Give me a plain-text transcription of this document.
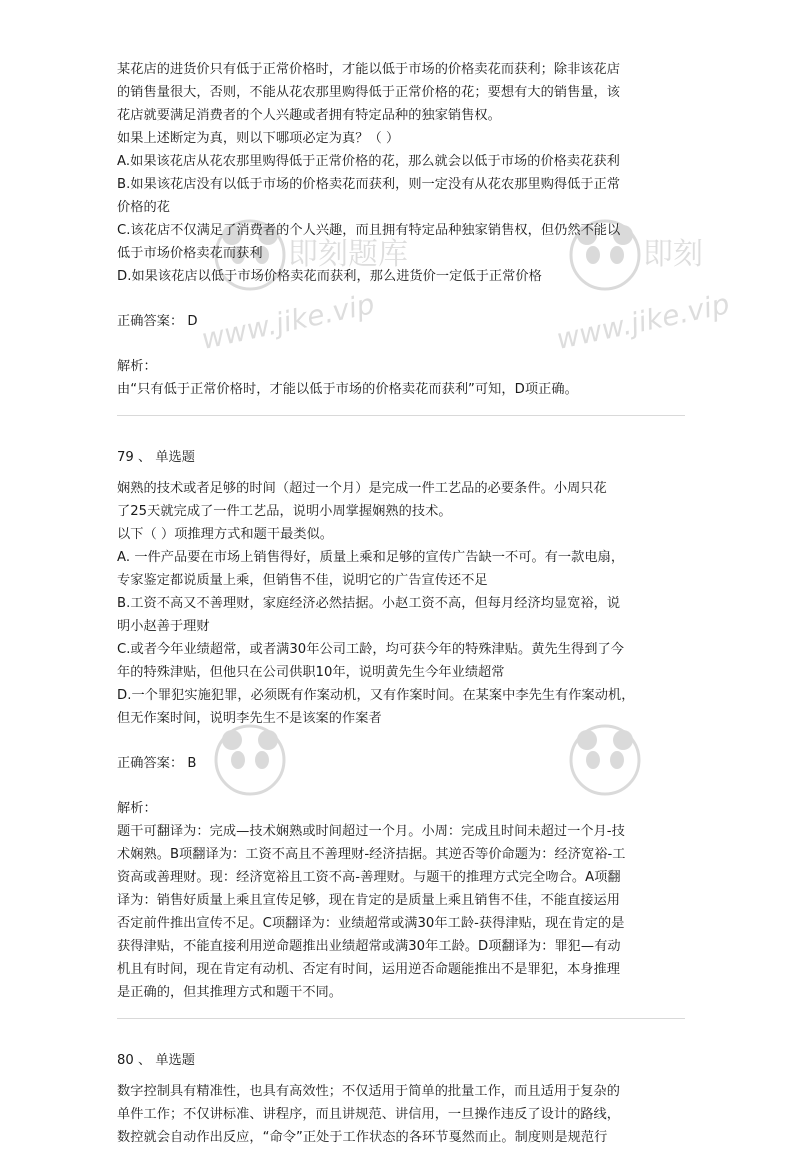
即刻题库
www.jike.vip
即刻
www.jike.vip
某花店的进货价只有低于正常价格时，才能以低于市场的价格卖花而获利；除非该花店
的销售量很大，否则，不能从花农那里购得低于正常价格的花；要想有大的销售量，该
花店就要满足消费者的个人兴趣或者拥有特定品种的独家销售权。
如果上述断定为真，则以下哪项必定为真？（ ）
A.如果该花店从花农那里购得低于正常价格的花，那么就会以低于市场的价格卖花获利
B.如果该花店没有以低于市场的价格卖花而获利，则一定没有从花农那里购得低于正常
价格的花
C.该花店不仅满足了消费者的个人兴趣，而且拥有特定品种独家销售权，但仍然不能以
低于市场价格卖花而获利
D.如果该花店以低于市场价格卖花而获利，那么进货价一定低于正常价格
正确答案： D
解析：
由“只有低于正常价格时，才能以低于市场的价格卖花而获利”可知，D项正确。
79 、 单选题
娴熟的技术或者足够的时间（超过一个月）是完成一件工艺品的必要条件。小周只花
了25天就完成了一件工艺品，说明小周掌握娴熟的技术。
以下（ ）项推理方式和题干最类似。
A. 一件产品要在市场上销售得好，质量上乘和足够的宣传广告缺一不可。有一款电扇，
专家鉴定都说质量上乘，但销售不佳，说明它的广告宣传还不足
B.工资不高又不善理财，家庭经济必然拮据。小赵工资不高，但每月经济均显宽裕，说
明小赵善于理财
C.或者今年业绩超常，或者满30年公司工龄，均可获今年的特殊津贴。黄先生得到了今
年的特殊津贴，但他只在公司供职10年，说明黄先生今年业绩超常
D.一个罪犯实施犯罪，必须既有作案动机，又有作案时间。在某案中李先生有作案动机，
但无作案时间，说明李先生不是该案的作案者
正确答案： B
解析：
题干可翻译为：完成—技术娴熟或时间超过一个月。小周：完成且时间未超过一个月-技
术娴熟。B项翻译为：工资不高且不善理财-经济拮据。其逆否等价命题为：经济宽裕-工
资高或善理财。现：经济宽裕且工资不高-善理财。与题干的推理方式完全吻合。A项翻
译为：销售好质量上乘且宣传足够，现在肯定的是质量上乘且销售不佳，不能直接运用
否定前件推出宣传不足。C项翻译为：业绩超常或满30年工龄-获得津贴，现在肯定的是
获得津贴，不能直接利用逆命题推出业绩超常或满30年工龄。D项翻译为：罪犯—有动
机且有时间，现在肯定有动机、否定有时间，运用逆否命题能推出不是罪犯，本身推理
是正确的，但其推理方式和题干不同。
80 、 单选题
数字控制具有精准性，也具有高效性；不仅适用于简单的批量工作，而且适用于复杂的
单件工作；不仅讲标准、讲程序，而且讲规范、讲信用，一旦操作违反了设计的路线，
数控就会自动作出反应，“命令”正处于工作状态的各环节戛然而止。制度则是规范行
